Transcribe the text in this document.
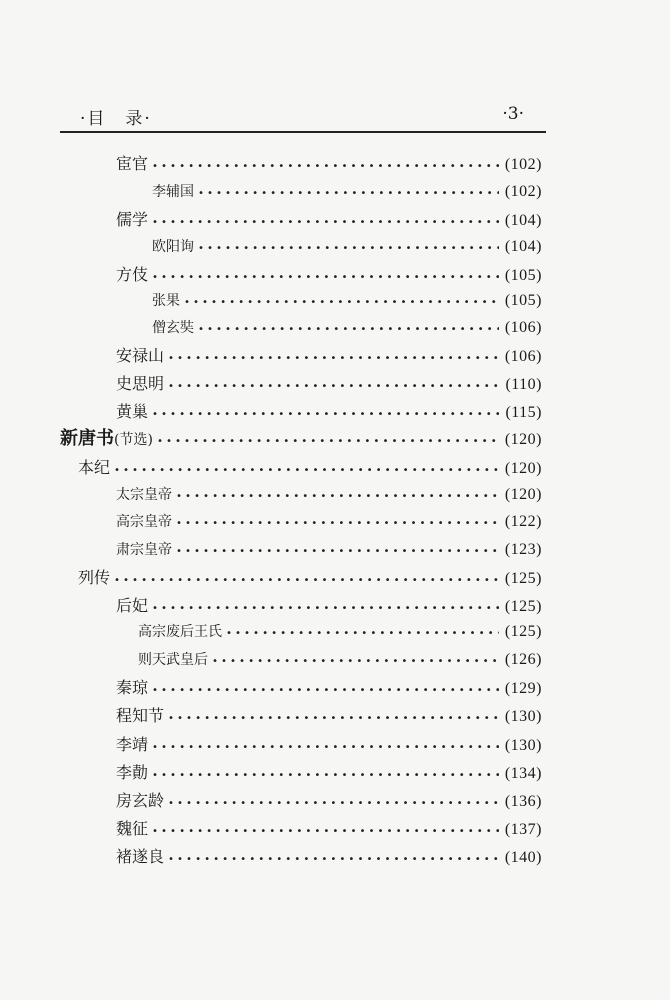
·目　录·	·3·
宦官 •••••	(102)
李辅国 •••••	(102)
儒学 •••••	(104)
欧阳询 •••••	(104)
方伎 •••••	(105)
张果 •••••	(105)
僧玄奘 •••••	(106)
安禄山 •••••	(106)
史思明 •••••	(110)
黄巢 •••••	(115)
新唐书 (节选) •••••	(120)
本纪 •••••	(120)
太宗皇帝 •••••	(120)
高宗皇帝 •••••	(122)
肃宗皇帝 •••••	(123)
列传 •••••	(125)
后妃 •••••	(125)
高宗废后王氏 •••••	(125)
则天武皇后 •••••	(126)
秦琼 •••••	(129)
程知节 •••••	(130)
李靖 •••••	(130)
李勣 •••••	(134)
房玄龄 •••••	(136)
魏征 •••••	(137)
褚遂良 •••••	(140)
